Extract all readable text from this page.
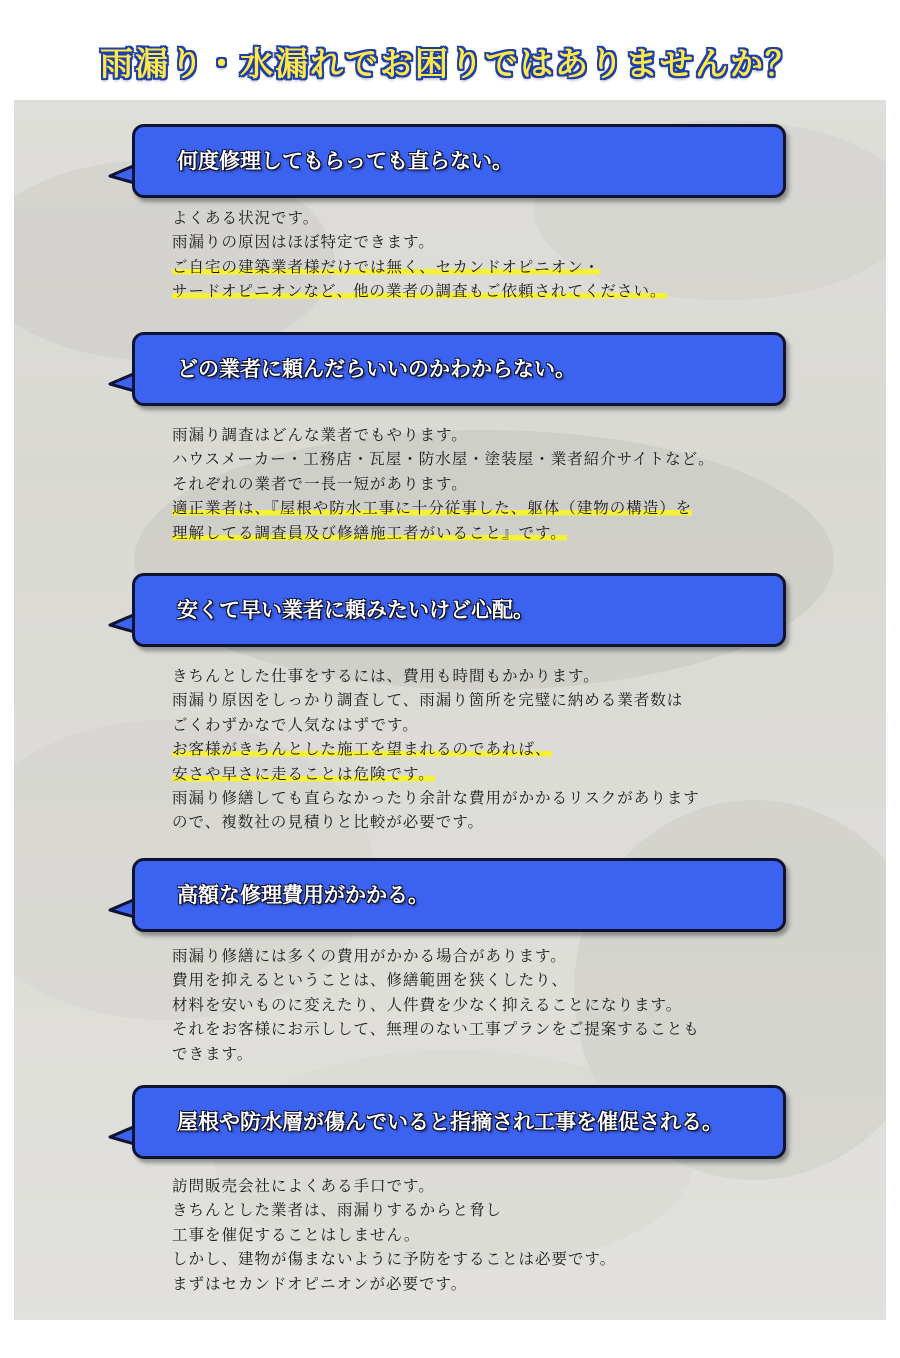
雨漏り・水漏れでお困りではありませんか？
何度修理してもらっても直らない。
よくある状況です。
雨漏りの原因はほぼ特定できます。
ご自宅の建築業者様だけでは無く、セカンドオピニオン・
サードオピニオンなど、他の業者の調査もご依頼されてください。
どの業者に頼んだらいいのかわからない。
雨漏り調査はどんな業者でもやります。
ハウスメーカー・工務店・瓦屋・防水屋・塗装屋・業者紹介サイトなど。
それぞれの業者で一長一短があります。
適正業者は、『屋根や防水工事に十分従事した、躯体（建物の構造）を
理解してる調査員及び修繕施工者がいること』です。
安くて早い業者に頼みたいけど心配。
きちんとした仕事をするには、費用も時間もかかります。
雨漏り原因をしっかり調査して、雨漏り箇所を完璧に納める業者数は
ごくわずかなで人気なはずです。
お客様がきちんとした施工を望まれるのであれば、
安さや早さに走ることは危険です。
雨漏り修繕しても直らなかったり余計な費用がかかるリスクがあります
ので、複数社の見積りと比較が必要です。
高額な修理費用がかかる。
雨漏り修繕には多くの費用がかかる場合があります。
費用を抑えるということは、修繕範囲を狭くしたり、
材料を安いものに変えたり、人件費を少なく抑えることになります。
それをお客様にお示しして、無理のない工事プランをご提案することも
できます。
屋根や防水層が傷んでいると指摘され工事を催促される。
訪問販売会社によくある手口です。
きちんとした業者は、雨漏りするからと脅し
工事を催促することはしません。
しかし、建物が傷まないように予防をすることは必要です。
まずはセカンドオピニオンが必要です。
